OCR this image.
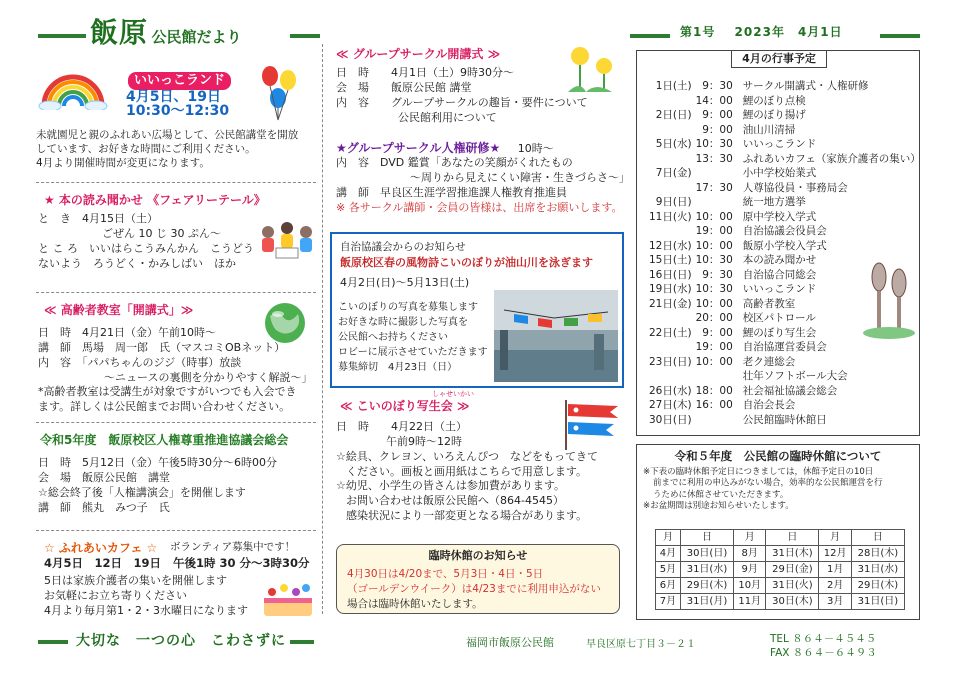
飯原 公民館だより	第1号 2023年　4月1日
いいっこランド
4月5日、19日
10:30～12:30
未就園児と親のふれあい広場として、公民館講堂を開放
しています、お好きな時間にご利用ください。
4月より開催時間が変更になります。
★ 本の読み聞かせ 《フェアリーテール》
と　き　4月15日（土）
ごぜん 10 じ 30 ぷん～
と こ ろ　いいはらこうみんかん　こうどう
ないよう　ろうどく・かみしばい　ほか
≪ 高齢者教室「開講式」≫
日　時　4月21日（金）午前10時～
講　師　馬場　周一郎　氏（マスコミOBネット）
内　容　「パパちゃんのジジ（時事）放談
～ニュースの裏側を分かりやすく解説～」
*高齢者教室は受講生が対象ですがいつでも入会でき
ます。詳しくは公民館までお問い合わせください。
令和5年度　飯原校区人権尊重推進協議会総会
日　時　5月12日（金）午後5時30分～6時00分
会　場　飯原公民館　講堂
☆総会終了後「人権講演会」を開催します
講　師　熊丸　みつ子　氏
☆ ふれあいカフェ ☆ ボランティア募集中です！
4月5日　12日　19日 午後1時 30 分～3時30分
5日は家族介護者の集いを開催します
お気軽にお立ち寄りください
4月より毎月第1・2・3水曜日になります
≪ グループサークル開講式 ≫
日　時　　4月1日（土）9時30分～
会　場　　飯原公民館 講堂
内　容　　グループサークルの趣旨・要件について
公民館利用について
★グループサークル人権研修★ 10時～
内　容　DVD 鑑賞「あなたの笑顔がくれたもの
～周りから見えにくい障害・生きづらさ～」
講　師　早良区生涯学習推進課人権教育推進員
※ 各サークル講師・会員の皆様は、出席をお願いします。
自治協議会からのお知らせ
飯原校区春の風物詩こいのぼりが油山川を泳ぎます
4月2日(日)～5月13日(土)
こいのぼりの写真を募集します
お好きな時に撮影した写真を
公民館へお持ちください
ロビーに展示させていただきます
募集締切　4月23日（日）
≪ こいのぼり写生会 ≫
しゃせいかい
日　時　　4月22日（土）
午前9時～12時
☆絵具、クレヨン、いろえんぴつ　などをもってきて
ください。画板と画用紙はこちらで用意します。
☆幼児、小学生の皆さんは参加費があります。
お問い合わせは飯原公民館へ（864-4545）
感染状況により一部変更となる場合があります。
臨時休館のお知らせ
4月30日は4/20まで、5月3日・4日・5日
（ゴールデンウイーク）は4/23までに利用申込がない
場合は臨時休館いたします。
4月の行事予定
1日(土)	9：30	サークル開講式・人権研修
	14：00	鯉のぼり点検
2日(日)	9：00	鯉のぼり揚げ
	9：00	油山川清掃
5日(水)	10：30	いいっこランド
	13：30	ふれあいカフェ（家族介護者の集い）
7日(金)		小中学校始業式
	17：30	人尊協役員・事務局会
9日(日)		統一地方選挙
11日(火)	10：00	原中学校入学式
	19：00	自治協議会役員会
12日(水)	10：00	飯原小学校入学式
15日(土)	10：30	本の読み聞かせ
16日(日)	9：30	自治協合同総会
19日(水)	10：30	いいっこランド
21日(金)	10：00	高齢者教室
	20：00	校区パトロール
22日(土)	9：00	鯉のぼり写生会
	19：00	自治協運営委員会
23日(日)	10：00	老ク連総会
		壮年ソフトボール大会
26日(水)	18：00	社会福祉協議会総会
27日(木)	16：00	自治会長会
30日(日)		公民館臨時休館日
令和５年度　公民館の臨時休館について
※下表の臨時休館予定日につきましては，休館予定日の10日
前までに利用の申込みがない場合，効率的な公民館運営を行
うために休館させていただきます。
※お盆期間は別途お知らせいたします。
月	日	月	日	月	日
4月	30日(日)	8月	31日(木)	12月	28日(木)
5月	31日(水)	9月	29日(金)	1月	31日(水)
6月	29日(木)	10月	31日(火)	2月	29日(木)
7月	31日(月)	11月	30日(木)	3月	31日(日)
大切な　一つの心　こわさずに	福岡市飯原公民館	早良区原七丁目３－２１	TEL ８６４－４５４５
FAX ８６４－６４９３
